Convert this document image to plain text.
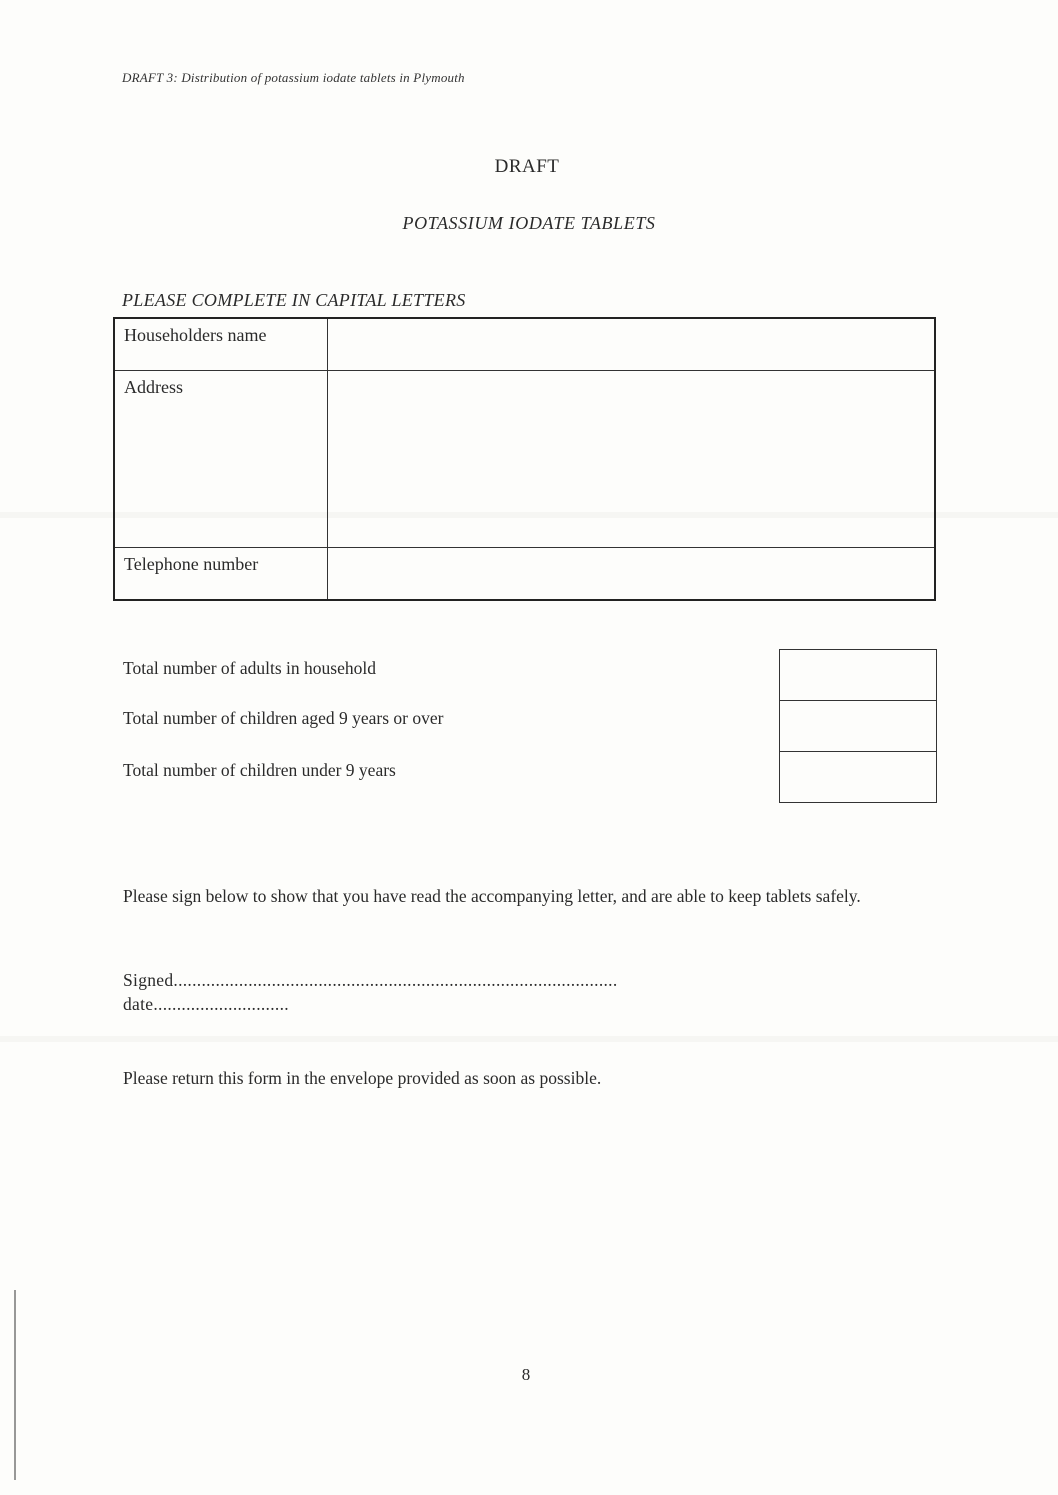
DRAFT 3: Distribution of potassium iodate tablets in Plymouth
DRAFT
POTASSIUM IODATE TABLETS
PLEASE COMPLETE IN CAPITAL LETTERS
Householders name	
Address	
Telephone number	
Total number of adults in household
Total number of children aged 9 years or over
Total number of children under 9 years
Please sign below to show that you have read the accompanying letter, and are able to keep tablets safely.
Signed...............................................................................................
date.............................
Please return this form in the envelope provided as soon as possible.
8
